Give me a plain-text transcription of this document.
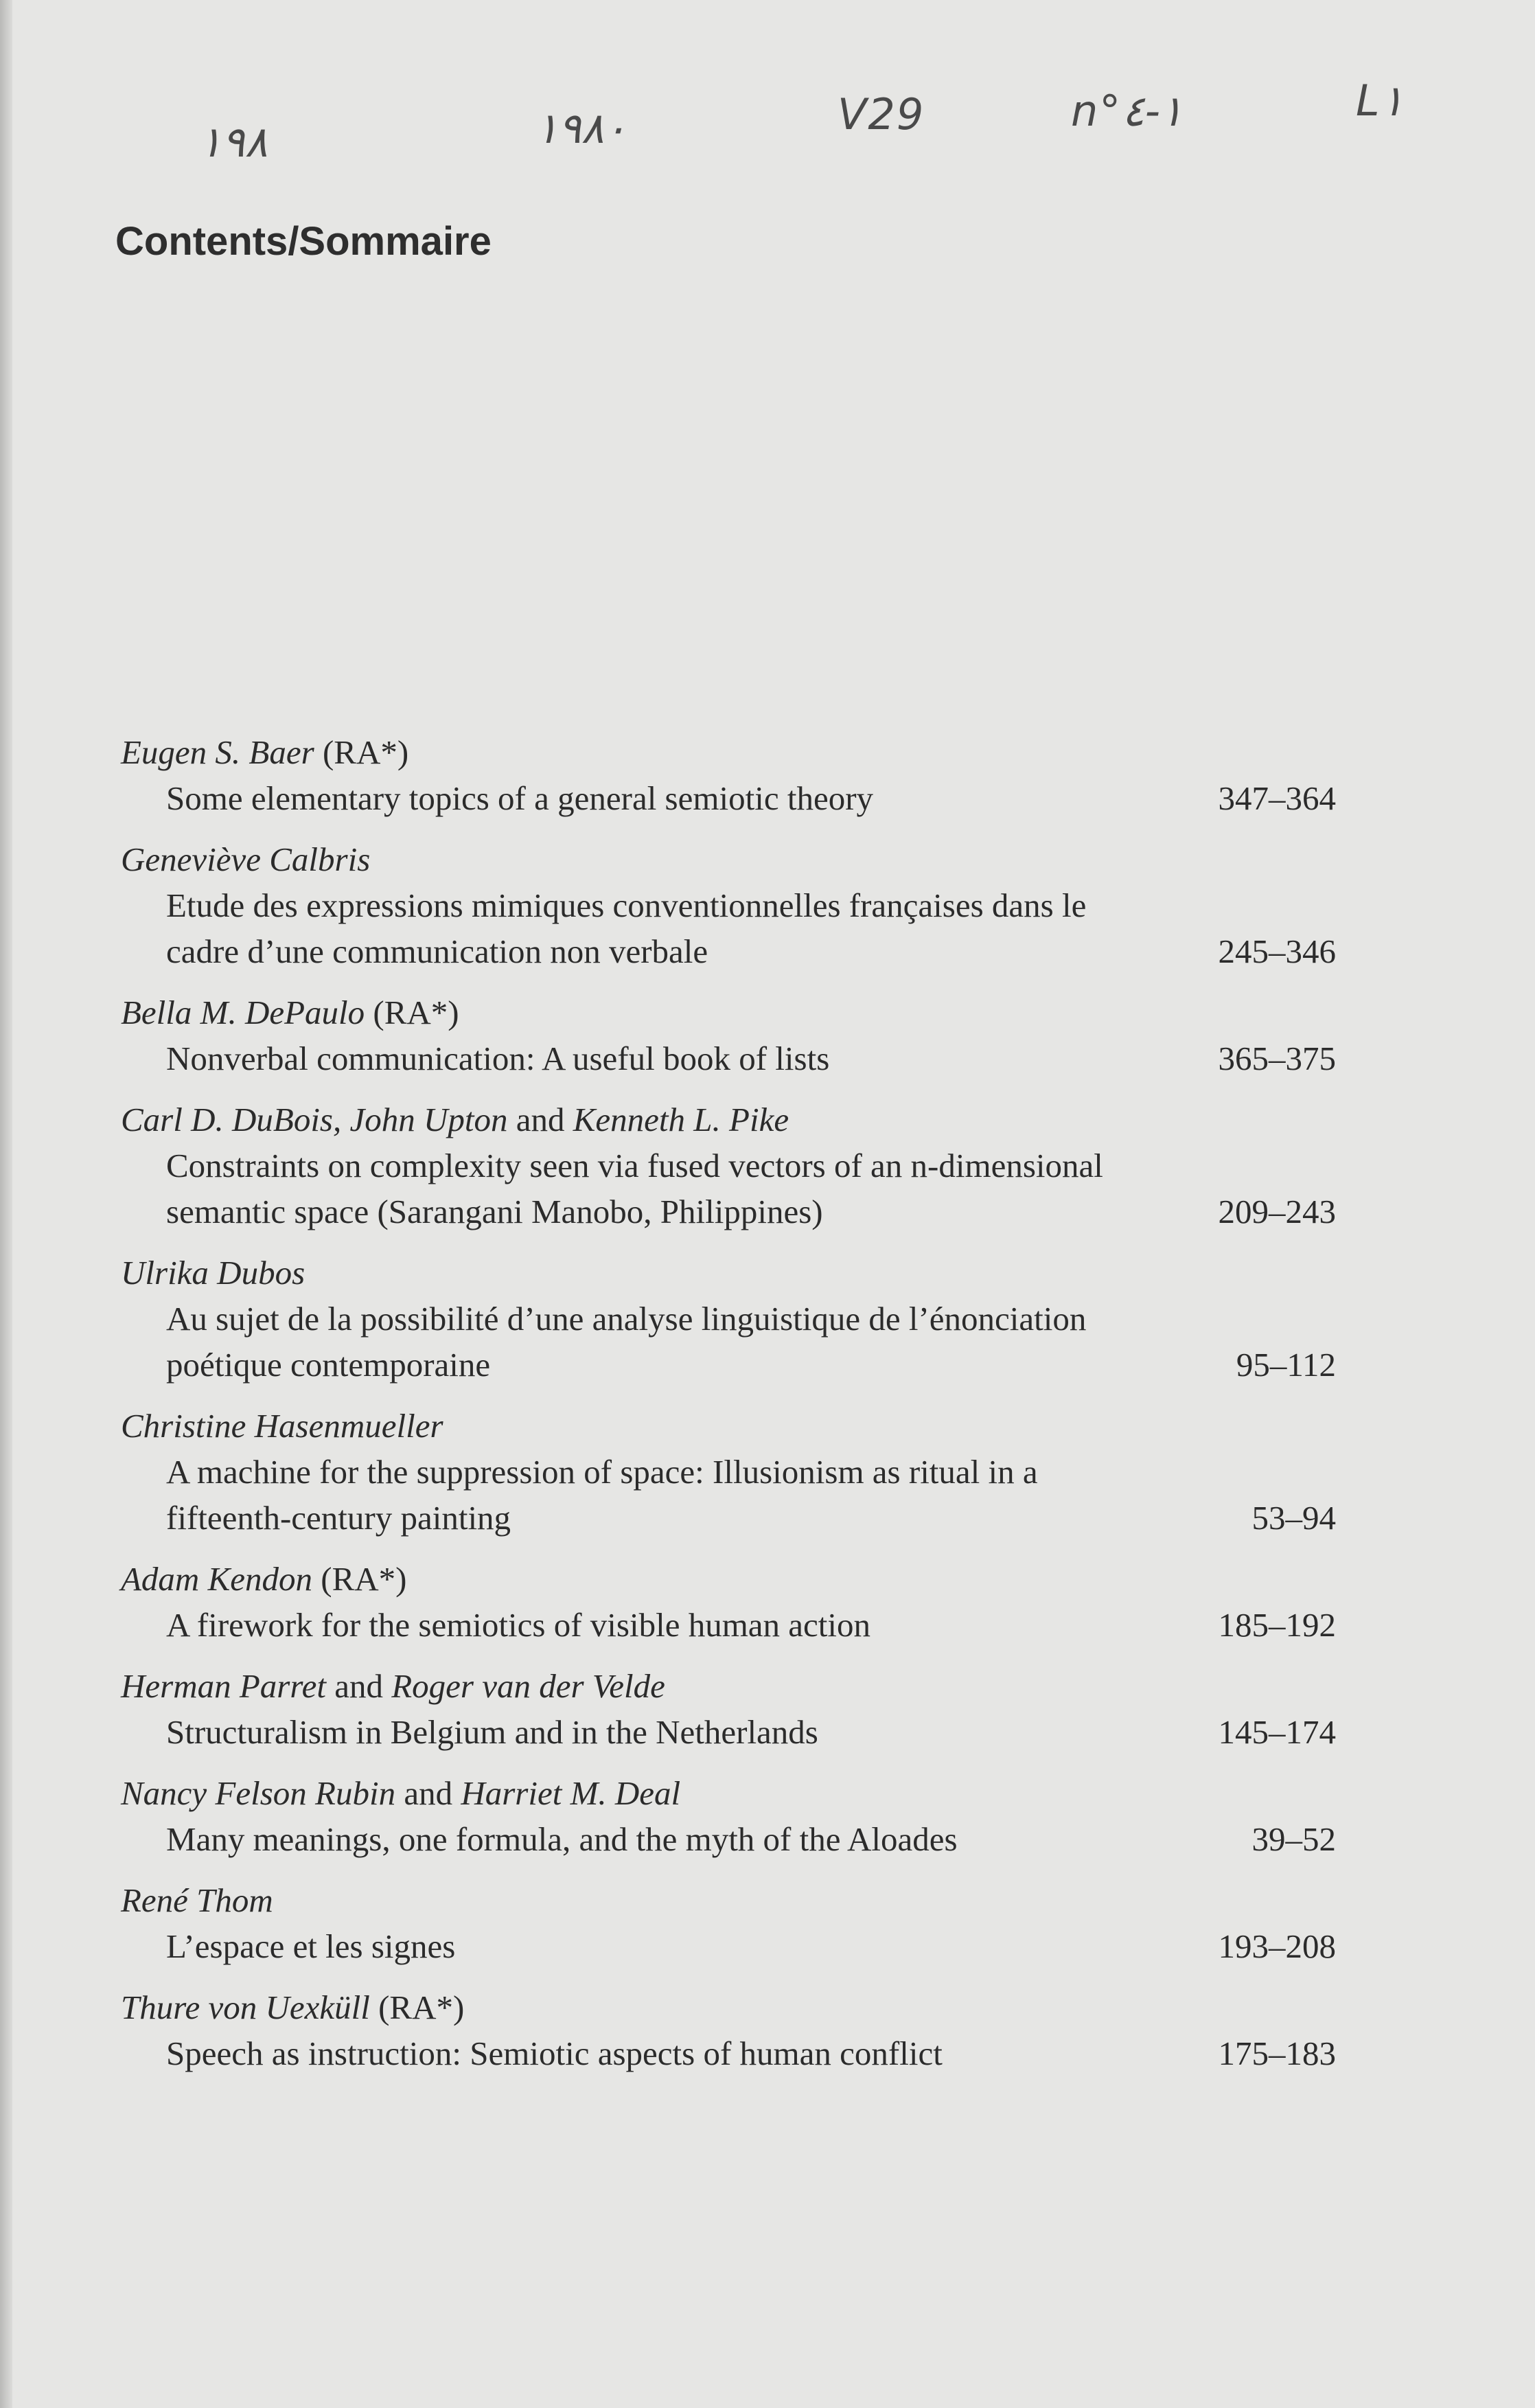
١٩٨	١٩٨٠	V29	n°١-٤	L١
Contents/Sommaire
Eugen S. Baer (RA*)
Some elementary topics of a general semiotic theory	347–364
Geneviève Calbris
Etude des expressions mimiques conventionnelles françaises dans le cadre d’une communication non verbale	245–346
Bella M. DePaulo (RA*)
Nonverbal communication: A useful book of lists	365–375
Carl D. DuBois, John Upton and Kenneth L. Pike
Constraints on complexity seen via fused vectors of an n-dimensional semantic space (Sarangani Manobo, Philippines)	209–243
Ulrika Dubos
Au sujet de la possibilité d’une analyse linguistique de l’énonciation poétique contemporaine	95–112
Christine Hasenmueller
A machine for the suppression of space: Illusionism as ritual in a fifteenth-century painting	53–94
Adam Kendon (RA*)
A firework for the semiotics of visible human action	185–192
Herman Parret and Roger van der Velde
Structuralism in Belgium and in the Netherlands	145–174
Nancy Felson Rubin and Harriet M. Deal
Many meanings, one formula, and the myth of the Aloades	39–52
René Thom
L’espace et les signes	193–208
Thure von Uexküll (RA*)
Speech as instruction: Semiotic aspects of human conflict	175–183
